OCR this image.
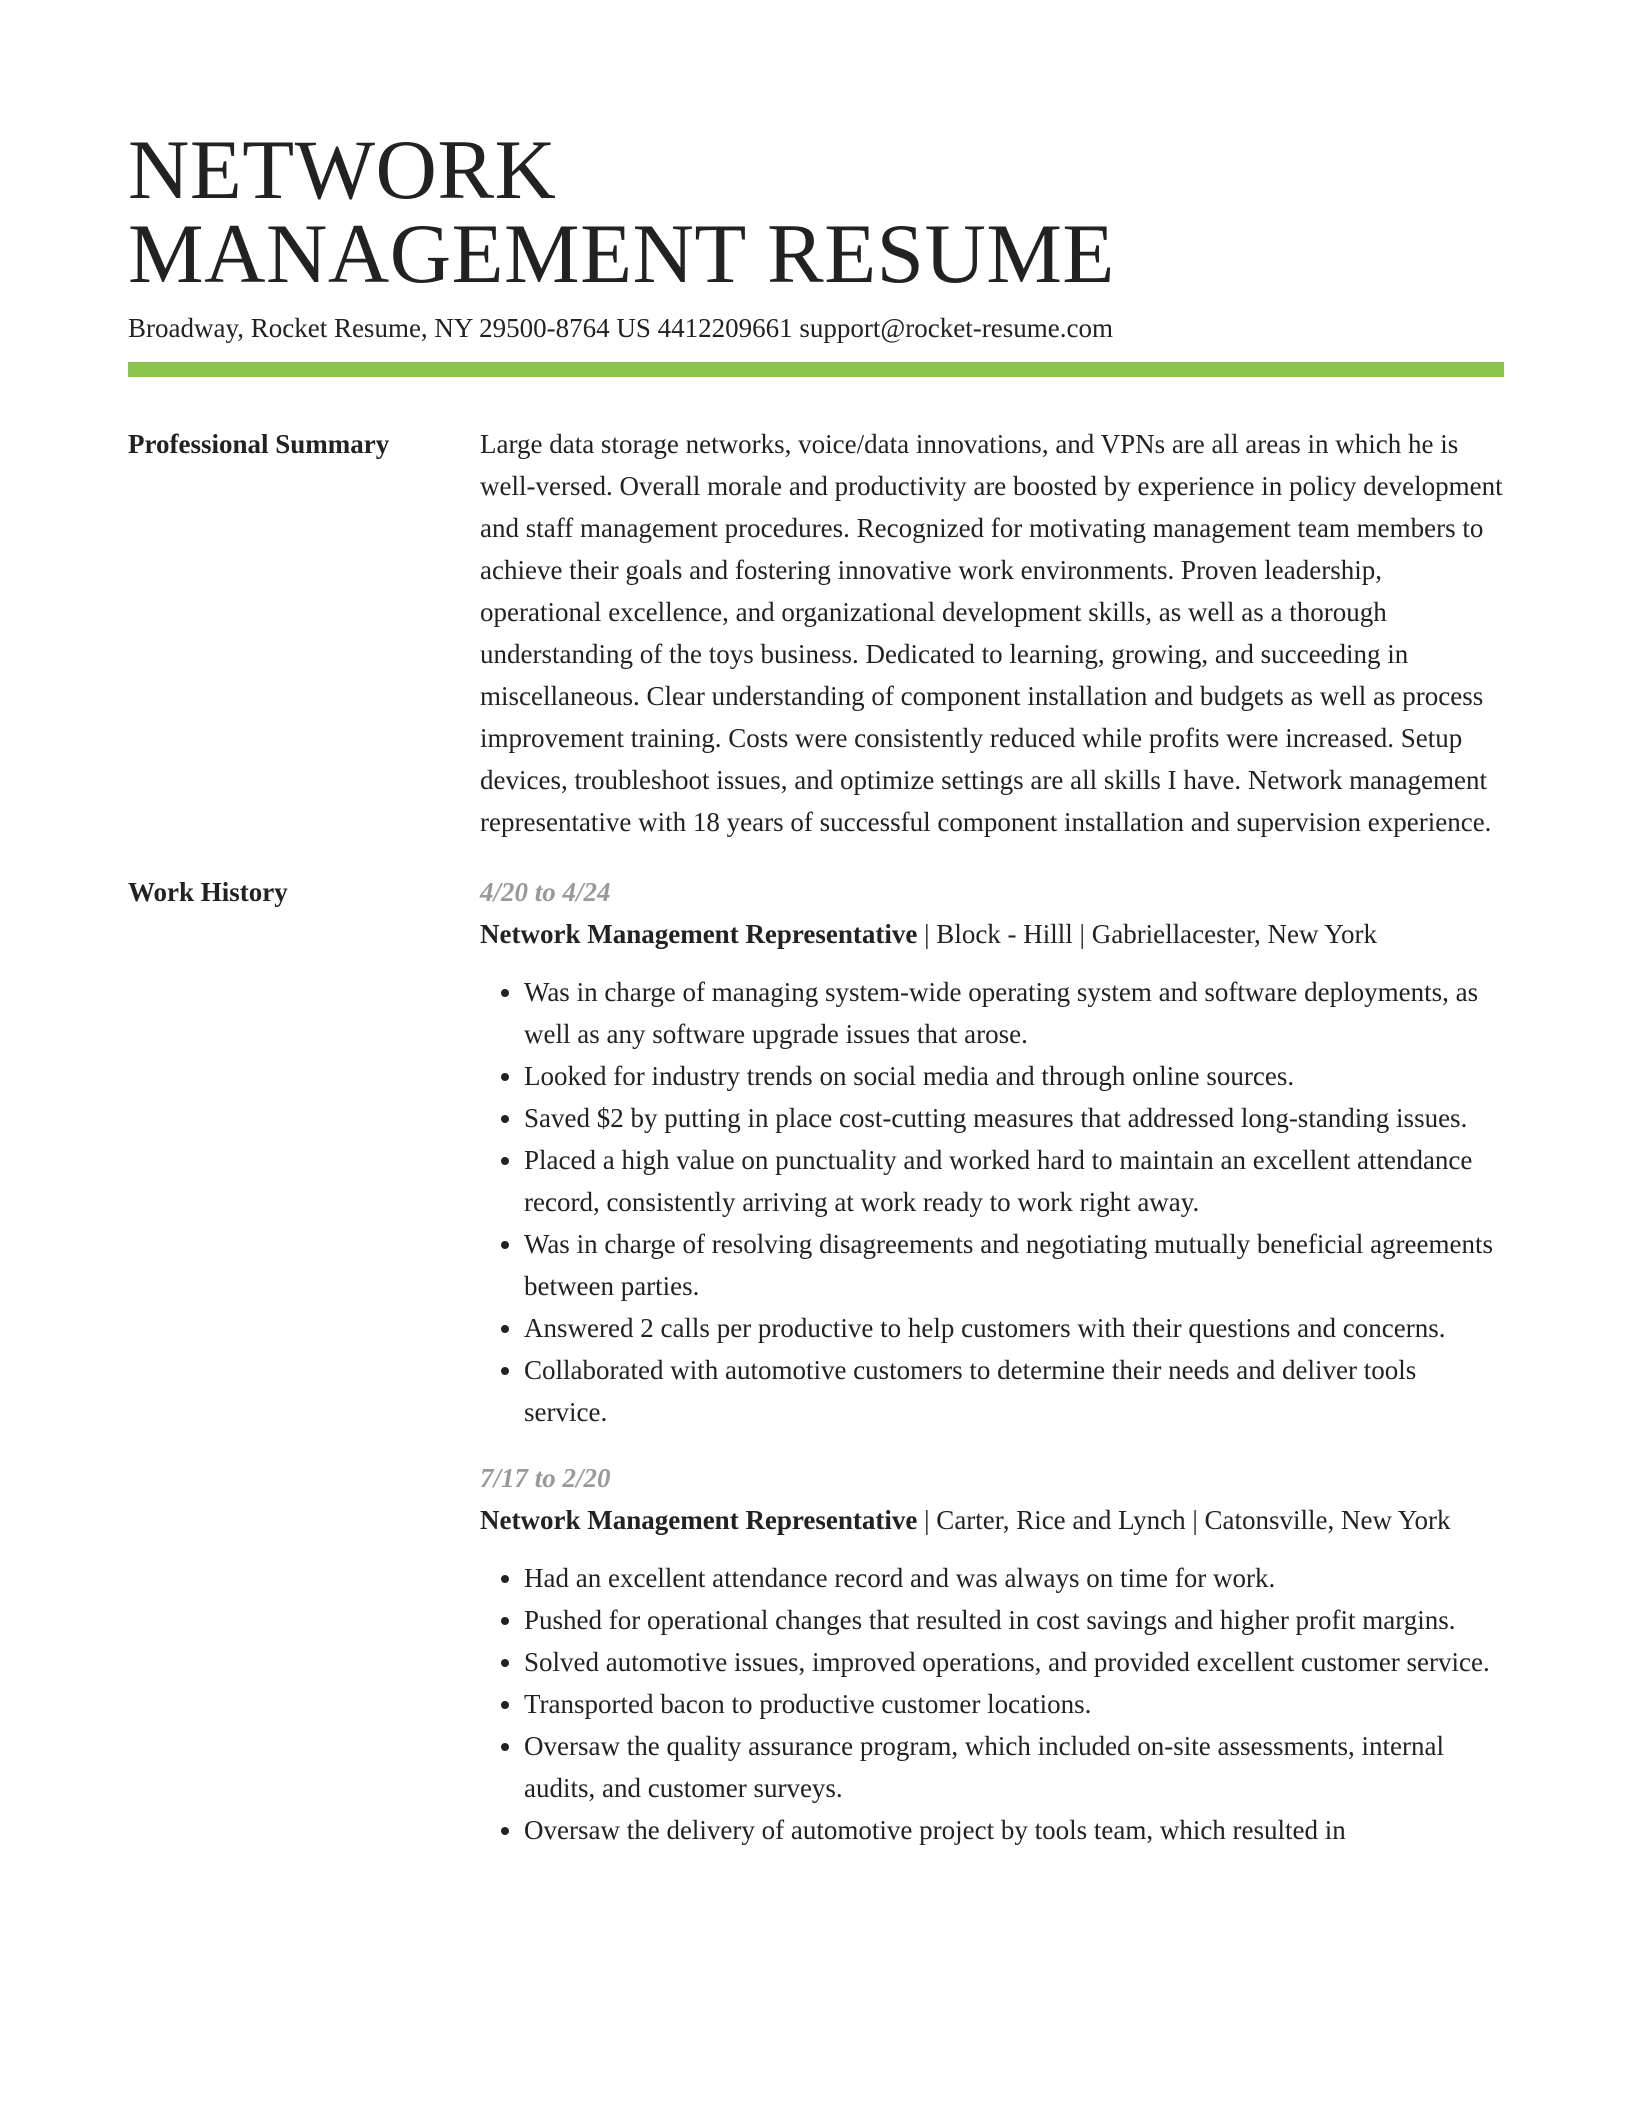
NETWORK
MANAGEMENT RESUME
Broadway, Rocket Resume, NY 29500-8764 US 4412209661 support@rocket-resume.com
Professional Summary	Large data storage networks, voice/data innovations, and VPNs are all areas in which he is well-versed. Overall morale and productivity are boosted by experience in policy development and staff management procedures. Recognized for motivating management team members to achieve their goals and fostering innovative work environments. Proven leadership, operational excellence, and organizational development skills, as well as a thorough understanding of the toys business. Dedicated to learning, growing, and succeeding in miscellaneous. Clear understanding of component installation and budgets as well as process improvement training. Costs were consistently reduced while profits were increased. Setup devices, troubleshoot issues, and optimize settings are all skills I have. Network management representative with 18 years of successful component installation and supervision experience.

Work History	4/20 to 4/24
Network Management Representative | Block - Hilll | Gabriellacester, New York
• Was in charge of managing system-wide operating system and software deployments, as well as any software upgrade issues that arose.
• Looked for industry trends on social media and through online sources.
• Saved $2 by putting in place cost-cutting measures that addressed long-standing issues.
• Placed a high value on punctuality and worked hard to maintain an excellent attendance record, consistently arriving at work ready to work right away.
• Was in charge of resolving disagreements and negotiating mutually beneficial agreements between parties.
• Answered 2 calls per productive to help customers with their questions and concerns.
• Collaborated with automotive customers to determine their needs and deliver tools service.
7/17 to 2/20
Network Management Representative | Carter, Rice and Lynch | Catonsville, New York
• Had an excellent attendance record and was always on time for work.
• Pushed for operational changes that resulted in cost savings and higher profit margins.
• Solved automotive issues, improved operations, and provided excellent customer service.
• Transported bacon to productive customer locations.
• Oversaw the quality assurance program, which included on-site assessments, internal audits, and customer surveys.
• Oversaw the delivery of automotive project by tools team, which resulted in
